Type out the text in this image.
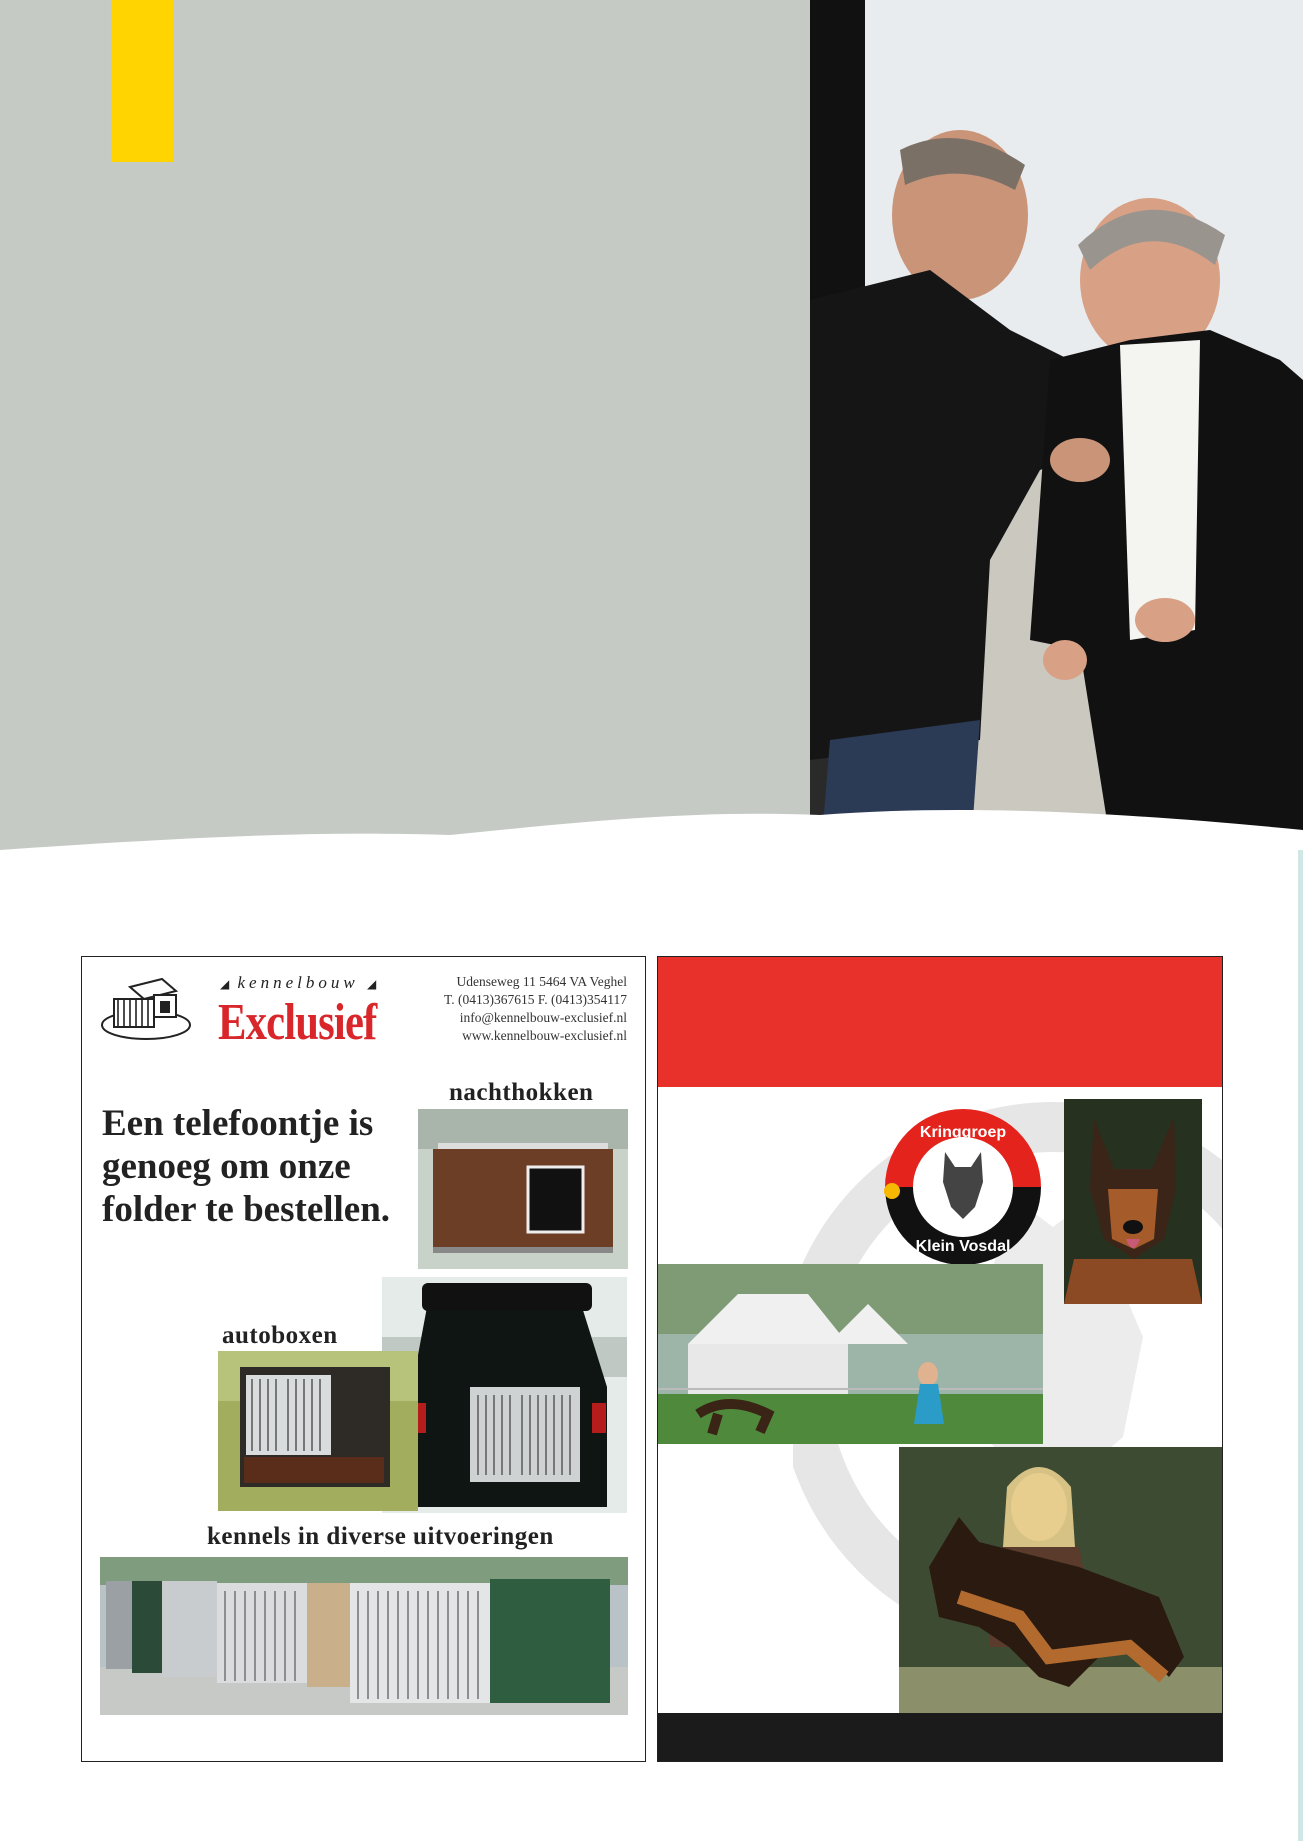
◢ kennelbouw ◢
Exclusief
Udenseweg 11 5464 VA Veghel
T. (0413)367615 F. (0413)354117
info@kennelbouw-exclusief.nl
www.kennelbouw-exclusief.nl
nachthokken
Een telefoontje is genoeg om onze folder te bestellen.
autoboxen
kennels in diverse uitvoeringen
Kringgroep
Klein Vosdal
